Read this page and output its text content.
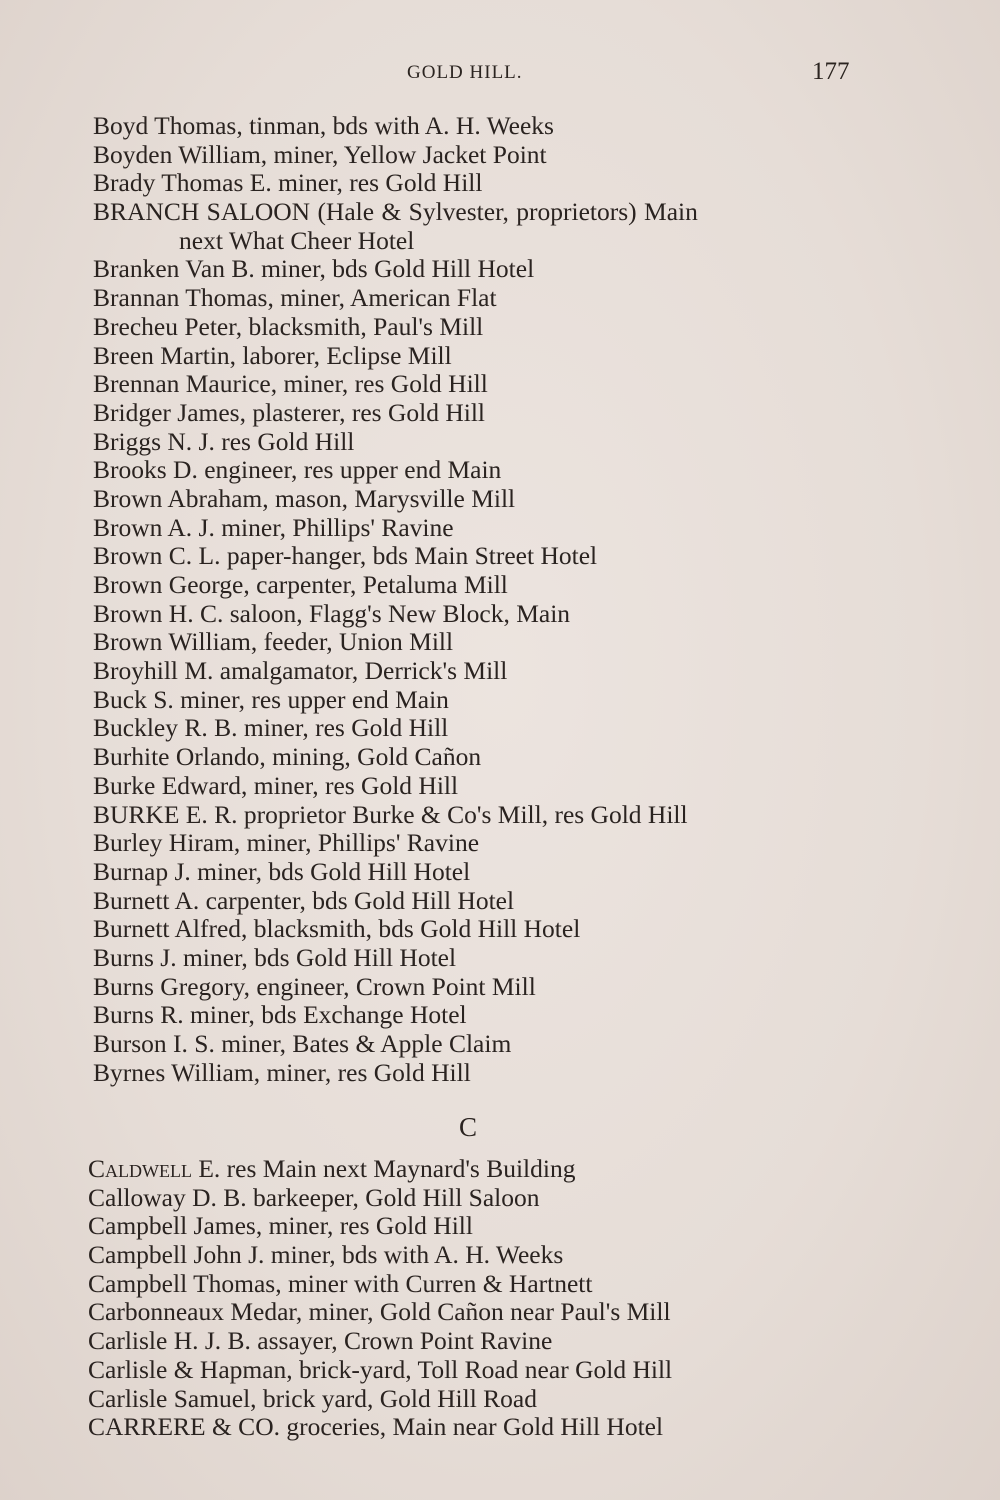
GOLD HILL.	177
Boyd Thomas, tinman, bds with A. H. Weeks
Boyden William, miner, Yellow Jacket Point
Brady Thomas E. miner, res Gold Hill
BRANCH SALOON (Hale & Sylvester, proprietors) Main
next What Cheer Hotel
Branken Van B. miner, bds Gold Hill Hotel
Brannan Thomas, miner, American Flat
Brecheu Peter, blacksmith, Paul's Mill
Breen Martin, laborer, Eclipse Mill
Brennan Maurice, miner, res Gold Hill
Bridger James, plasterer, res Gold Hill
Briggs N. J. res Gold Hill
Brooks D. engineer, res upper end Main
Brown Abraham, mason, Marysville Mill
Brown A. J. miner, Phillips' Ravine
Brown C. L. paper-hanger, bds Main Street Hotel
Brown George, carpenter, Petaluma Mill
Brown H. C. saloon, Flagg's New Block, Main
Brown William, feeder, Union Mill
Broyhill M. amalgamator, Derrick's Mill
Buck S. miner, res upper end Main
Buckley R. B. miner, res Gold Hill
Burhite Orlando, mining, Gold Cañon
Burke Edward, miner, res Gold Hill
BURKE E. R. proprietor Burke & Co's Mill, res Gold Hill
Burley Hiram, miner, Phillips' Ravine
Burnap J. miner, bds Gold Hill Hotel
Burnett A. carpenter, bds Gold Hill Hotel
Burnett Alfred, blacksmith, bds Gold Hill Hotel
Burns J. miner, bds Gold Hill Hotel
Burns Gregory, engineer, Crown Point Mill
Burns R. miner, bds Exchange Hotel
Burson I. S. miner, Bates & Apple Claim
Byrnes William, miner, res Gold Hill
C
Caldwell E. res Main next Maynard's Building
Calloway D. B. barkeeper, Gold Hill Saloon
Campbell James, miner, res Gold Hill
Campbell John J. miner, bds with A. H. Weeks
Campbell Thomas, miner with Curren & Hartnett
Carbonneaux Medar, miner, Gold Cañon near Paul's Mill
Carlisle H. J. B. assayer, Crown Point Ravine
Carlisle & Hapman, brick-yard, Toll Road near Gold Hill
Carlisle Samuel, brick yard, Gold Hill Road
CARRERE & CO. groceries, Main near Gold Hill Hotel
